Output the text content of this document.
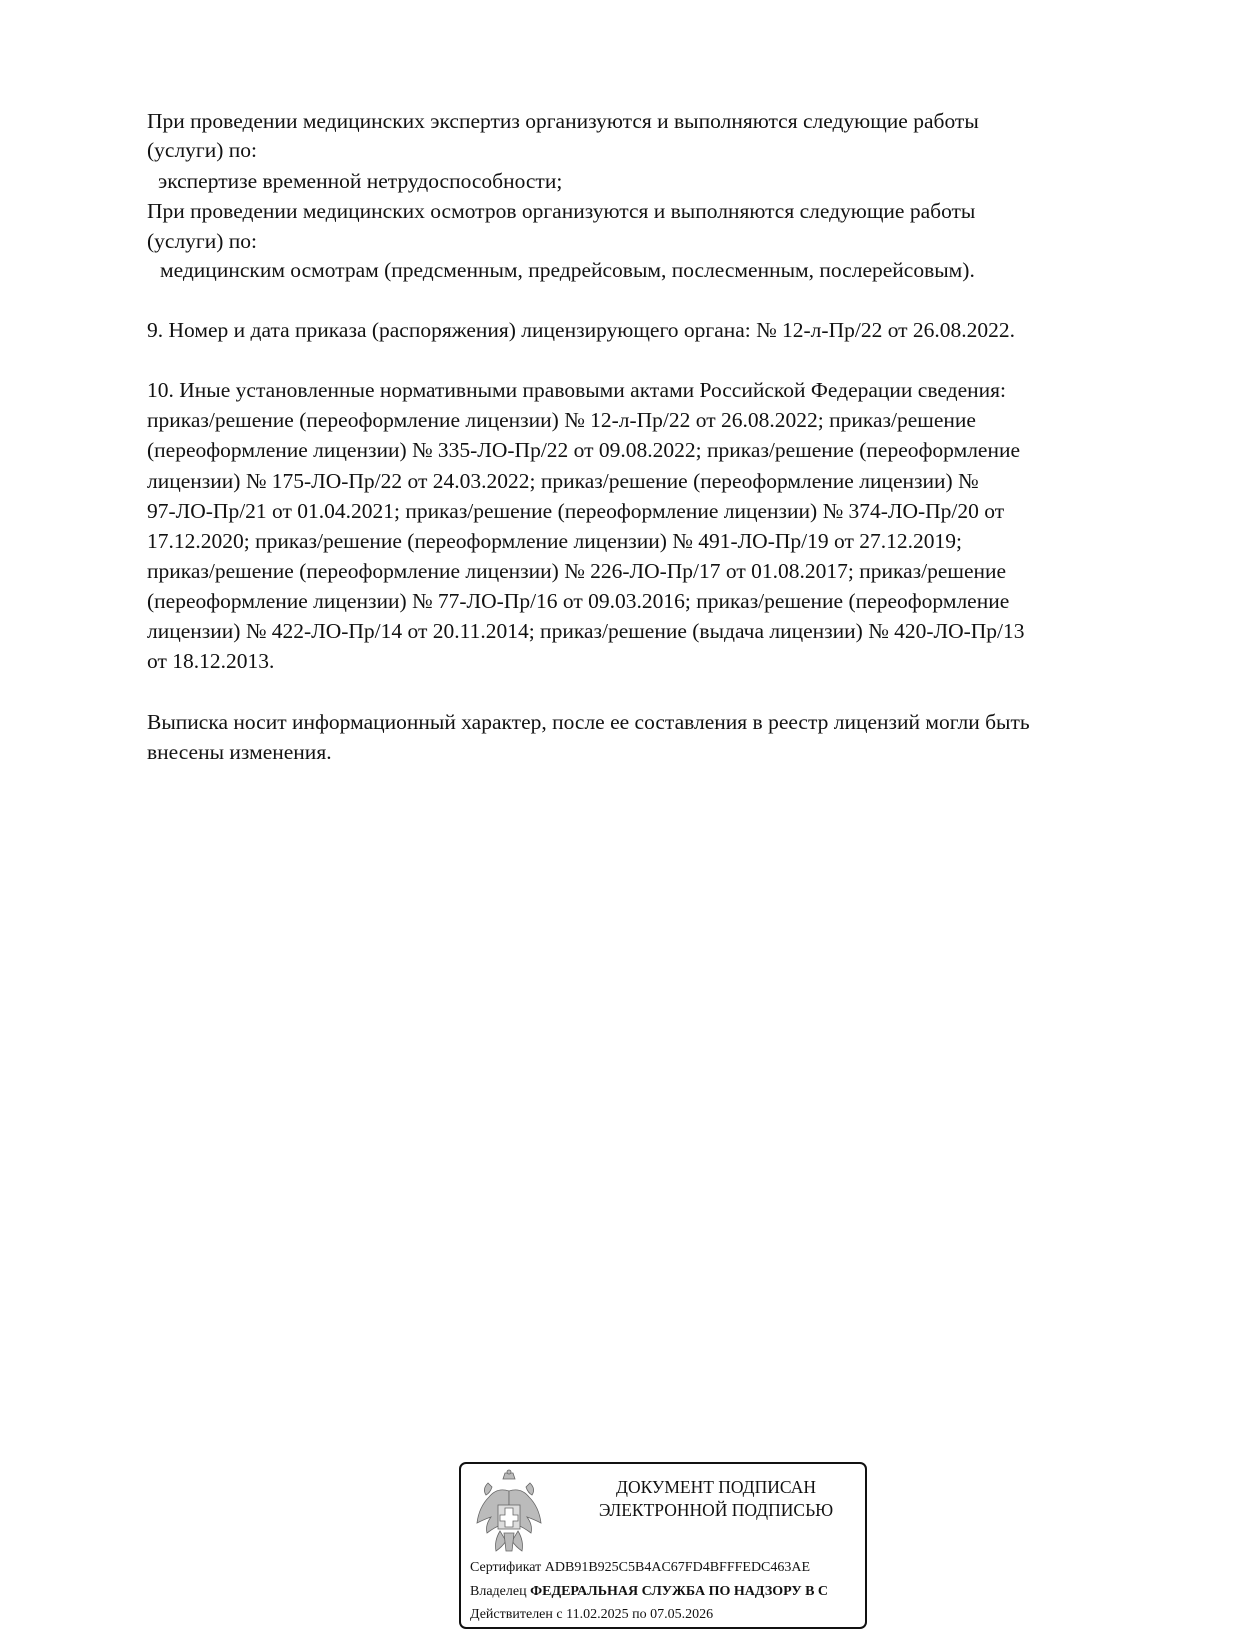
При проведении медицинских экспертиз организуются и выполняются следующие работы
(услуги) по:
экспертизе временной нетрудоспособности;
При проведении медицинских осмотров организуются и выполняются следующие работы
(услуги) по:
медицинским осмотрам (предсменным, предрейсовым, послесменным, послерейсовым).
9. Номер и дата приказа (распоряжения) лицензирующего органа: № 12-л-Пр/22 от 26.08.2022.
10. Иные установленные нормативными правовыми актами Российской Федерации сведения:
приказ/решение (переоформление лицензии) № 12-л-Пр/22 от 26.08.2022; приказ/решение
(переоформление лицензии) № 335-ЛО-Пр/22 от 09.08.2022; приказ/решение (переоформление
лицензии) № 175-ЛО-Пр/22 от 24.03.2022; приказ/решение (переоформление лицензии) №
97-ЛО-Пр/21 от 01.04.2021; приказ/решение (переоформление лицензии) № 374-ЛО-Пр/20 от
17.12.2020; приказ/решение (переоформление лицензии) № 491-ЛО-Пр/19 от 27.12.2019;
приказ/решение (переоформление лицензии) № 226-ЛО-Пр/17 от 01.08.2017; приказ/решение
(переоформление лицензии) № 77-ЛО-Пр/16 от 09.03.2016; приказ/решение (переоформление
лицензии) № 422-ЛО-Пр/14 от 20.11.2014; приказ/решение (выдача лицензии) № 420-ЛО-Пр/13
от 18.12.2013.
Выписка носит информационный характер, после ее составления в реестр лицензий могли быть
внесены изменения.
ДОКУМЕНТ ПОДПИСАН
ЭЛЕКТРОННОЙ ПОДПИСЬЮ
Сертификат ADB91B925C5B4AC67FD4BFFFEDC463AE
Владелец ФЕДЕРАЛЬНАЯ СЛУЖБА ПО НАДЗОРУ В С
Действителен с 11.02.2025 по 07.05.2026
